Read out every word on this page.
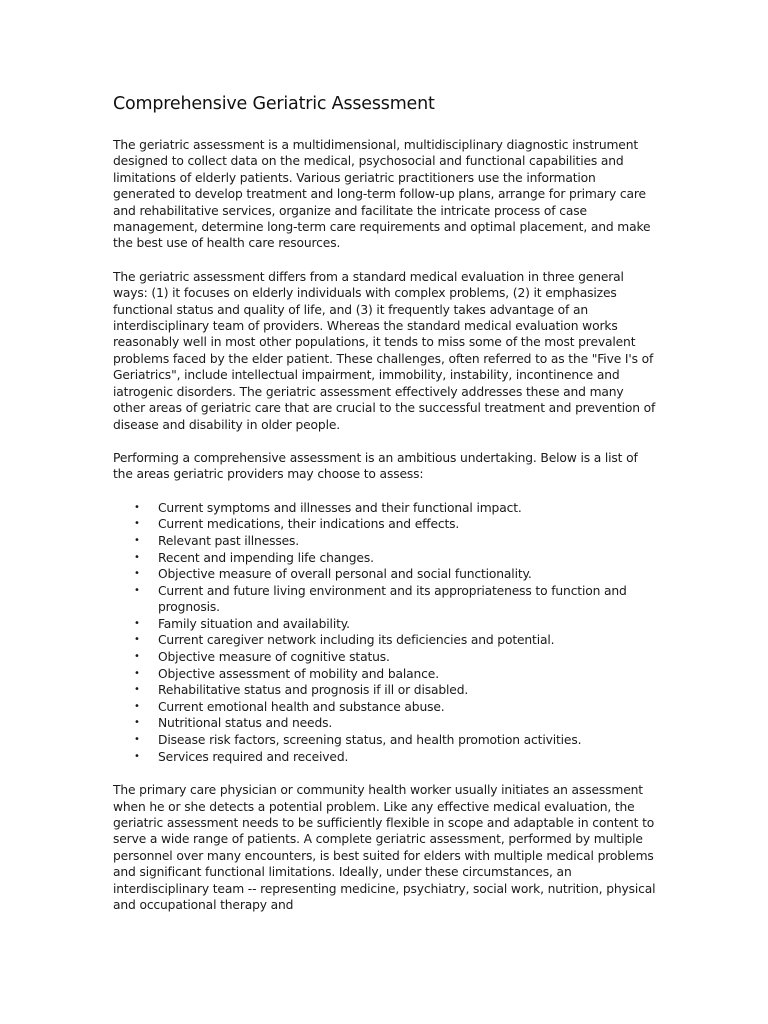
Comprehensive Geriatric Assessment

The geriatric assessment is a multidimensional, multidisciplinary diagnostic instrument designed to collect data on the medical, psychosocial and functional capabilities and limitations of elderly patients. Various geriatric practitioners use the information generated to develop treatment and long-term follow-up plans, arrange for primary care and rehabilitative services, organize and facilitate the intricate process of case management, determine long-term care requirements and optimal placement, and make the best use of health care resources.

The geriatric assessment differs from a standard medical evaluation in three general ways: (1) it focuses on elderly individuals with complex problems, (2) it emphasizes functional status and quality of life, and (3) it frequently takes advantage of an interdisciplinary team of providers. Whereas the standard medical evaluation works reasonably well in most other populations, it tends to miss some of the most prevalent problems faced by the elder patient. These challenges, often referred to as the "Five I's of Geriatrics", include intellectual impairment, immobility, instability, incontinence and iatrogenic disorders. The geriatric assessment effectively addresses these and many other areas of geriatric care that are crucial to the successful treatment and prevention of disease and disability in older people.

Performing a comprehensive assessment is an ambitious undertaking. Below is a list of the areas geriatric providers may choose to assess:

• Current symptoms and illnesses and their functional impact.
• Current medications, their indications and effects.
• Relevant past illnesses.
• Recent and impending life changes.
• Objective measure of overall personal and social functionality.
• Current and future living environment and its appropriateness to function and prognosis.
• Family situation and availability.
• Current caregiver network including its deficiencies and potential.
• Objective measure of cognitive status.
• Objective assessment of mobility and balance.
• Rehabilitative status and prognosis if ill or disabled.
• Current emotional health and substance abuse.
• Nutritional status and needs.
• Disease risk factors, screening status, and health promotion activities.
• Services required and received.

The primary care physician or community health worker usually initiates an assessment when he or she detects a potential problem. Like any effective medical evaluation, the geriatric assessment needs to be sufficiently flexible in scope and adaptable in content to serve a wide range of patients. A complete geriatric assessment, performed by multiple personnel over many encounters, is best suited for elders with multiple medical problems and significant functional limitations. Ideally, under these circumstances, an interdisciplinary team -- representing medicine, psychiatry, social work, nutrition, physical and occupational therapy and
